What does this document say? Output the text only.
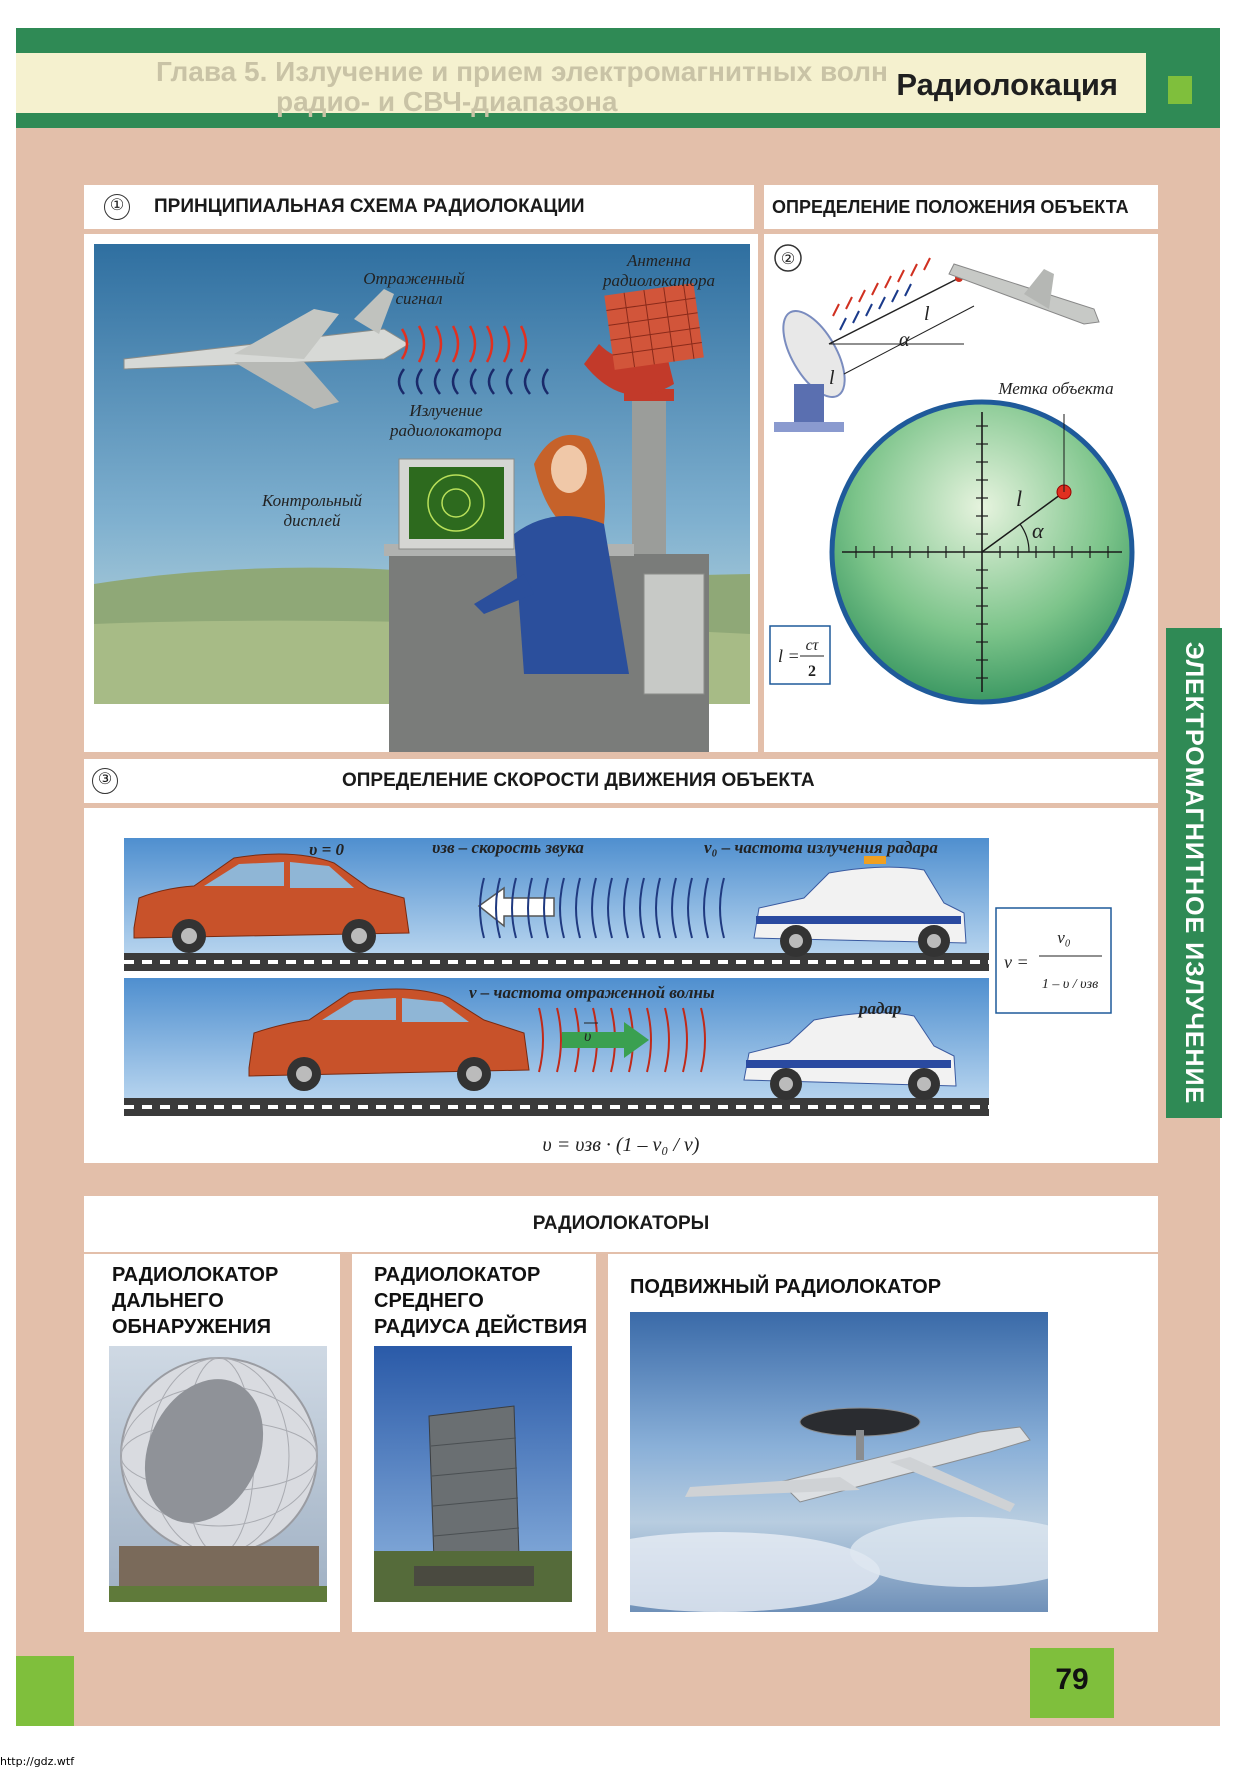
Глава 5. Излучение и прием электромагнитных волн
радио- и СВЧ-диапазона	Радиолокация
① ПРИНЦИПИАЛЬНАЯ СХЕМА РАДИОЛОКАЦИИ	ОПРЕДЕЛЕНИЕ ПОЛОЖЕНИЯ ОБЪЕКТА
Отраженный
сигнал
Антенна
радиолокатора
Излучение
радиолокатора
Контрольный
дисплей
②
α
l
l	Метка объекта
l
α
l =
cτ
2
③	ОПРЕДЕЛЕНИЕ СКОРОСТИ ДВИЖЕНИЯ ОБЪЕКТА
υ
υ = 0	υзв – скорость звука	ν₀ – частота излучения радара
ν – частота отраженной волны
радар
ν =
ν₀
1 – υ / υзв
υ = υзв · (1 – ν₀ / ν)
РАДИОЛОКАТОРЫ
РАДИОЛОКАТОР
ДАЛЬНЕГО
ОБНАРУЖЕНИЯ
РАДИОЛОКАТОР
СРЕДНЕГО
РАДИУСА ДЕЙСТВИЯ
ПОДВИЖНЫЙ РАДИОЛОКАТОР
ЭЛЕКТРОМАГНИТНОЕ ИЗЛУЧЕНИЕ
79
http://gdz.wtf
